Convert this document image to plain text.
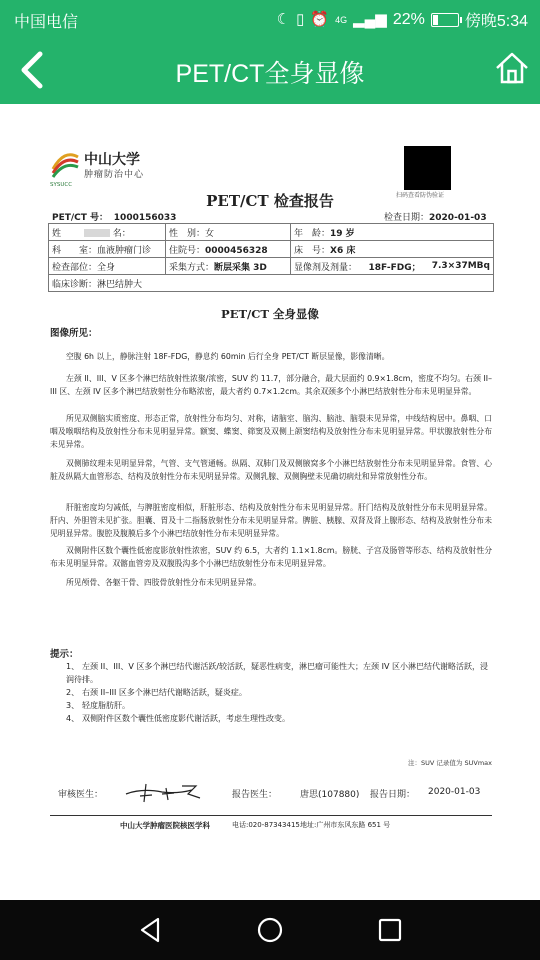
中国电信	☾ ▯ ⏰ 4G ▂▄▆ 22%	傍晚5:34
PET/CT全身显像
SYSUCC
中山大学
肿瘤防治中心
扫码查看防伪验证
PET/CT 检查报告
PET/CT 号： 1000156033	检查日期：2020-01-03
姓 名：	性　别：女	年　龄：19 岁	
科　　室：血液肿瘤门诊	住院号：0000456328	床　号：X6 床	
检查部位：全身	采集方式：断层采集 3D	显像剂及剂量： 18F-FDG；	7.3×37MBq
临床诊断：淋巴结肿大			
PET/CT 全身显像
图像所见：

空腹 6h 以上，静脉注射 18F-FDG，静息约 60min 后行全身 PET/CT 断层显像，影像清晰。

左颈 II、III、V 区多个淋巴结放射性浓聚/浓密，SUV 约 11.7，部分融合，最大层面约 0.9×1.8cm，密度不均匀。右颈 II–III 区、左颈 IV 区多个淋巴结放射性分布略浓密，最大者约 0.7×1.2cm。其余双颈多个小淋巴结放射性分布未见明显异常。

所见双侧脑实质密度、形态正常，放射性分布均匀、对称，诸脑室、脑沟、脑池、脑裂未见异常，中线结构居中。鼻咽、口咽及喉咽结构及放射性分布未见明显异常。额窦、蝶窦、筛窦及双侧上颌窦结构及放射性分布未见明显异常。甲状腺放射性分布未见异常。

双侧肺纹理未见明显异常，气管、支气管通畅。纵隔、双肺门及双侧腋窝多个小淋巴结放射性分布未见明显异常。食管、心脏及纵隔大血管形态、结构及放射性分布未见明显异常。双侧乳腺、双侧胸壁未见确切病灶和异常放射性分布。

肝脏密度均匀减低，与脾脏密度相似，肝脏形态、结构及放射性分布未见明显异常。肝门结构及放射性分布未见明显异常。肝内、外胆管未见扩张。胆囊、胃及十二指肠放射性分布未见明显异常。脾脏、胰腺、双肾及肾上腺形态、结构及放射性分布未见明显异常。腹腔及腹膜后多个小淋巴结放射性分布未见明显异常。

双侧附件区数个囊性低密度影放射性浓密，SUV 约 6.5，大者约 1.1×1.8cm。膀胱、子宫及肠管等形态、结构及放射性分布未见明显异常。双髂血管旁及双腹股沟多个小淋巴结放射性分布未见明显异常。

所见颅骨、各躯干骨、四肢骨放射性分布未见明显异常。

提示：

1、 左颈 II、III、V 区多个淋巴结代谢活跃/较活跃，疑恶性病变，淋巴瘤可能性大；左颈 IV 区小淋巴结代谢略活跃，浸润待排。

2、 右颈 II–III 区多个淋巴结代谢略活跃，疑炎症。

3、 轻度脂肪肝。

4、 双侧附件区数个囊性低密度影代谢活跃，考虑生理性改变。

注：SUV 记录值为 SUVmax
审核医生：	报告医生：	唐思(107880) 报告日期： 2020-01-03
中山大学肿瘤医院核医学科	电话:020-87343415 地址:广州市东风东路 651 号
